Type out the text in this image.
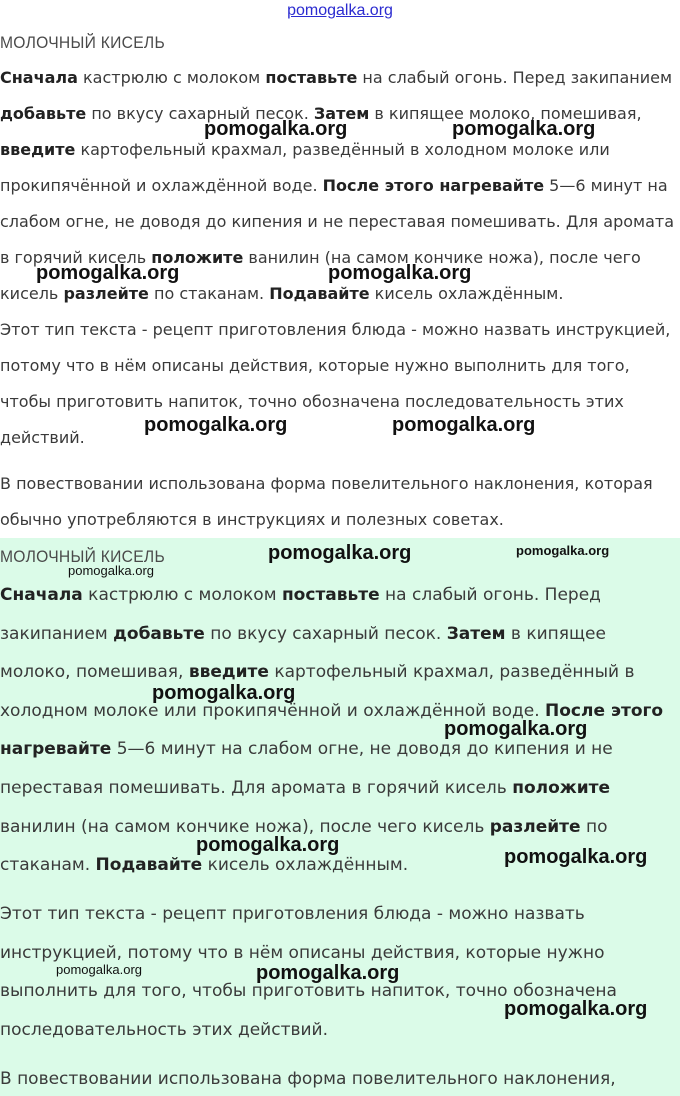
МОЛОЧНЫЙ КИСЕЛЬ
Сначала кастрюлю с молоком поставьте на слабый огонь. Перед закипанием
добавьте по вкусу сахарный песок. Затем в кипящее молоко, помешивая,
введите картофельный крахмал, разведённый в холодном молоке или
прокипячённой и охлаждённой воде. После этого нагревайте 5—6 минут на
слабом огне, не доводя до кипения и не переставая помешивать. Для аромата
в горячий кисель положите ванилин (на самом кончике ножа), после чего
кисель разлейте по стаканам. Подавайте кисель охлаждённым.
Этот тип текста - рецепт приготовления блюда - можно назвать инструкцией,
потому что в нём описаны действия, которые нужно выполнить для того,
чтобы приготовить напиток, точно обозначена последовательность этих
действий.
В повествовании использована форма повелительного наклонения, которая
обычно употребляются в инструкциях и полезных советах.
МОЛОЧНЫЙ КИСЕЛЬ
Сначала кастрюлю с молоком поставьте на слабый огонь. Перед
закипанием добавьте по вкусу сахарный песок. Затем в кипящее
молоко, помешивая, введите картофельный крахмал, разведённый в
холодном молоке или прокипячённой и охлаждённой воде. После этого
нагревайте 5—6 минут на слабом огне, не доводя до кипения и не
переставая помешивать. Для аромата в горячий кисель положите
ванилин (на самом кончике ножа), после чего кисель разлейте по
стаканам. Подавайте кисель охлаждённым.
Этот тип текста - рецепт приготовления блюда - можно назвать
инструкцией, потому что в нём описаны действия, которые нужно
выполнить для того, чтобы приготовить напиток, точно обозначена
последовательность этих действий.
В повествовании использована форма повелительного наклонения,
pomogalka.org
pomogalka.org	pomogalka.org
pomogalka.org	pomogalka.org
pomogalka.org	pomogalka.org
pomogalka.org	pomogalka.org
pomogalka.org
pomogalka.org
pomogalka.org
pomogalka.org
pomogalka.org
pomogalka.org	pomogalka.org
pomogalka.org
